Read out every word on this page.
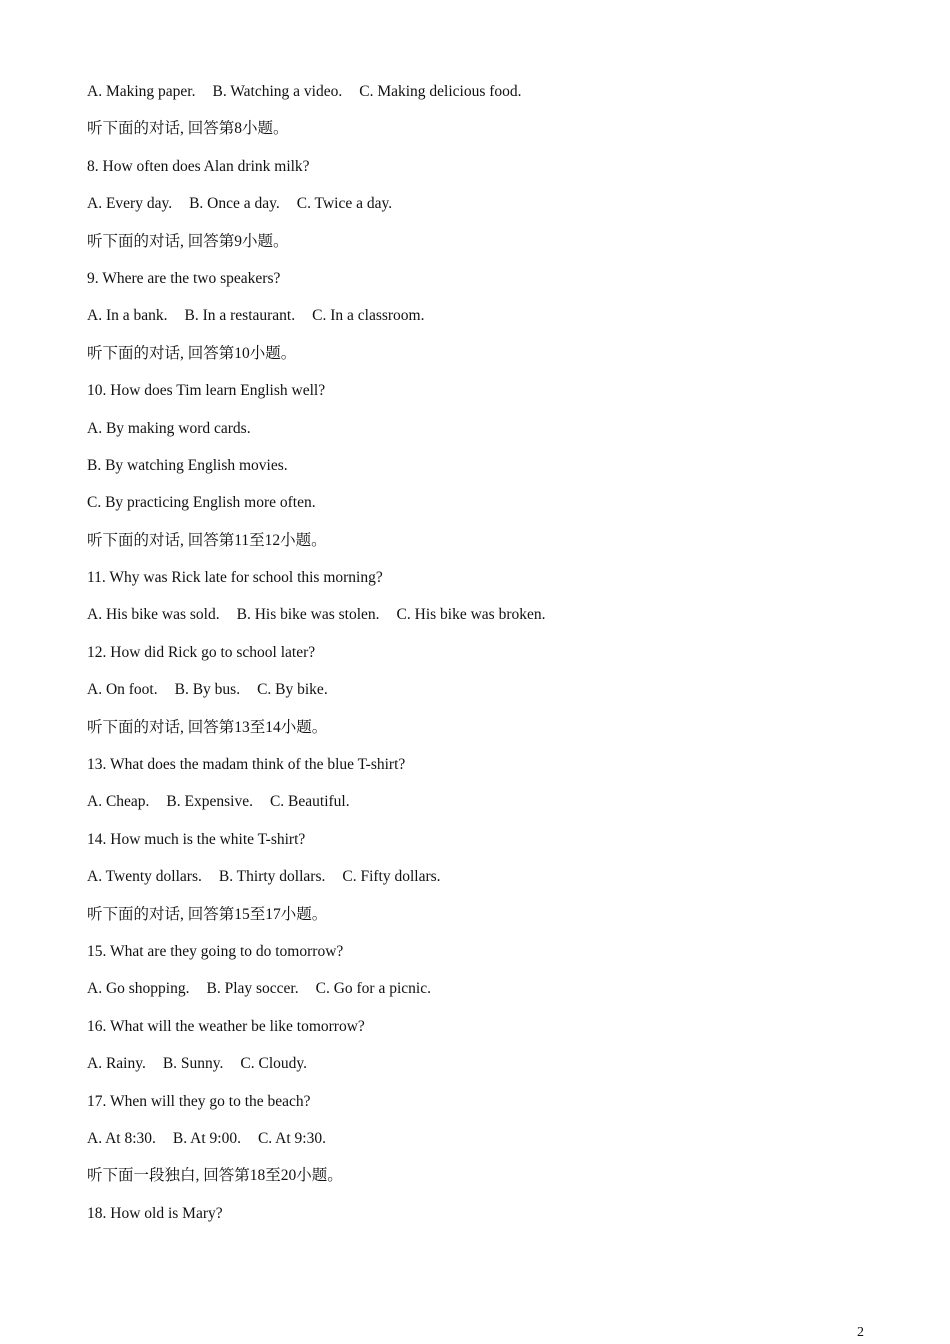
A. Making paper. B. Watching a video. C. Making delicious food.
听下面的对话, 回答第8小题。
8. How often does Alan drink milk?
A. Every day. B. Once a day. C. Twice a day.
听下面的对话, 回答第9小题。
9. Where are the two speakers?
A. In a bank. B. In a restaurant. C. In a classroom.
听下面的对话, 回答第10小题。
10. How does Tim learn English well?
A. By making word cards.
B. By watching English movies.
C. By practicing English more often.
听下面的对话, 回答第11至12小题。
11. Why was Rick late for school this morning?
A. His bike was sold. B. His bike was stolen. C. His bike was broken.
12. How did Rick go to school later?
A. On foot. B. By bus. C. By bike.
听下面的对话, 回答第13至14小题。
13. What does the madam think of the blue T-shirt?
A. Cheap. B. Expensive. C. Beautiful.
14. How much is the white T-shirt?
A. Twenty dollars. B. Thirty dollars. C. Fifty dollars.
听下面的对话, 回答第15至17小题。
15. What are they going to do tomorrow?
A. Go shopping. B. Play soccer. C. Go for a picnic.
16. What will the weather be like tomorrow?
A. Rainy. B. Sunny. C. Cloudy.
17. When will they go to the beach?
A. At 8:30. B. At 9:00. C. At 9:30.
听下面一段独白, 回答第18至20小题。
18. How old is Mary?
2
